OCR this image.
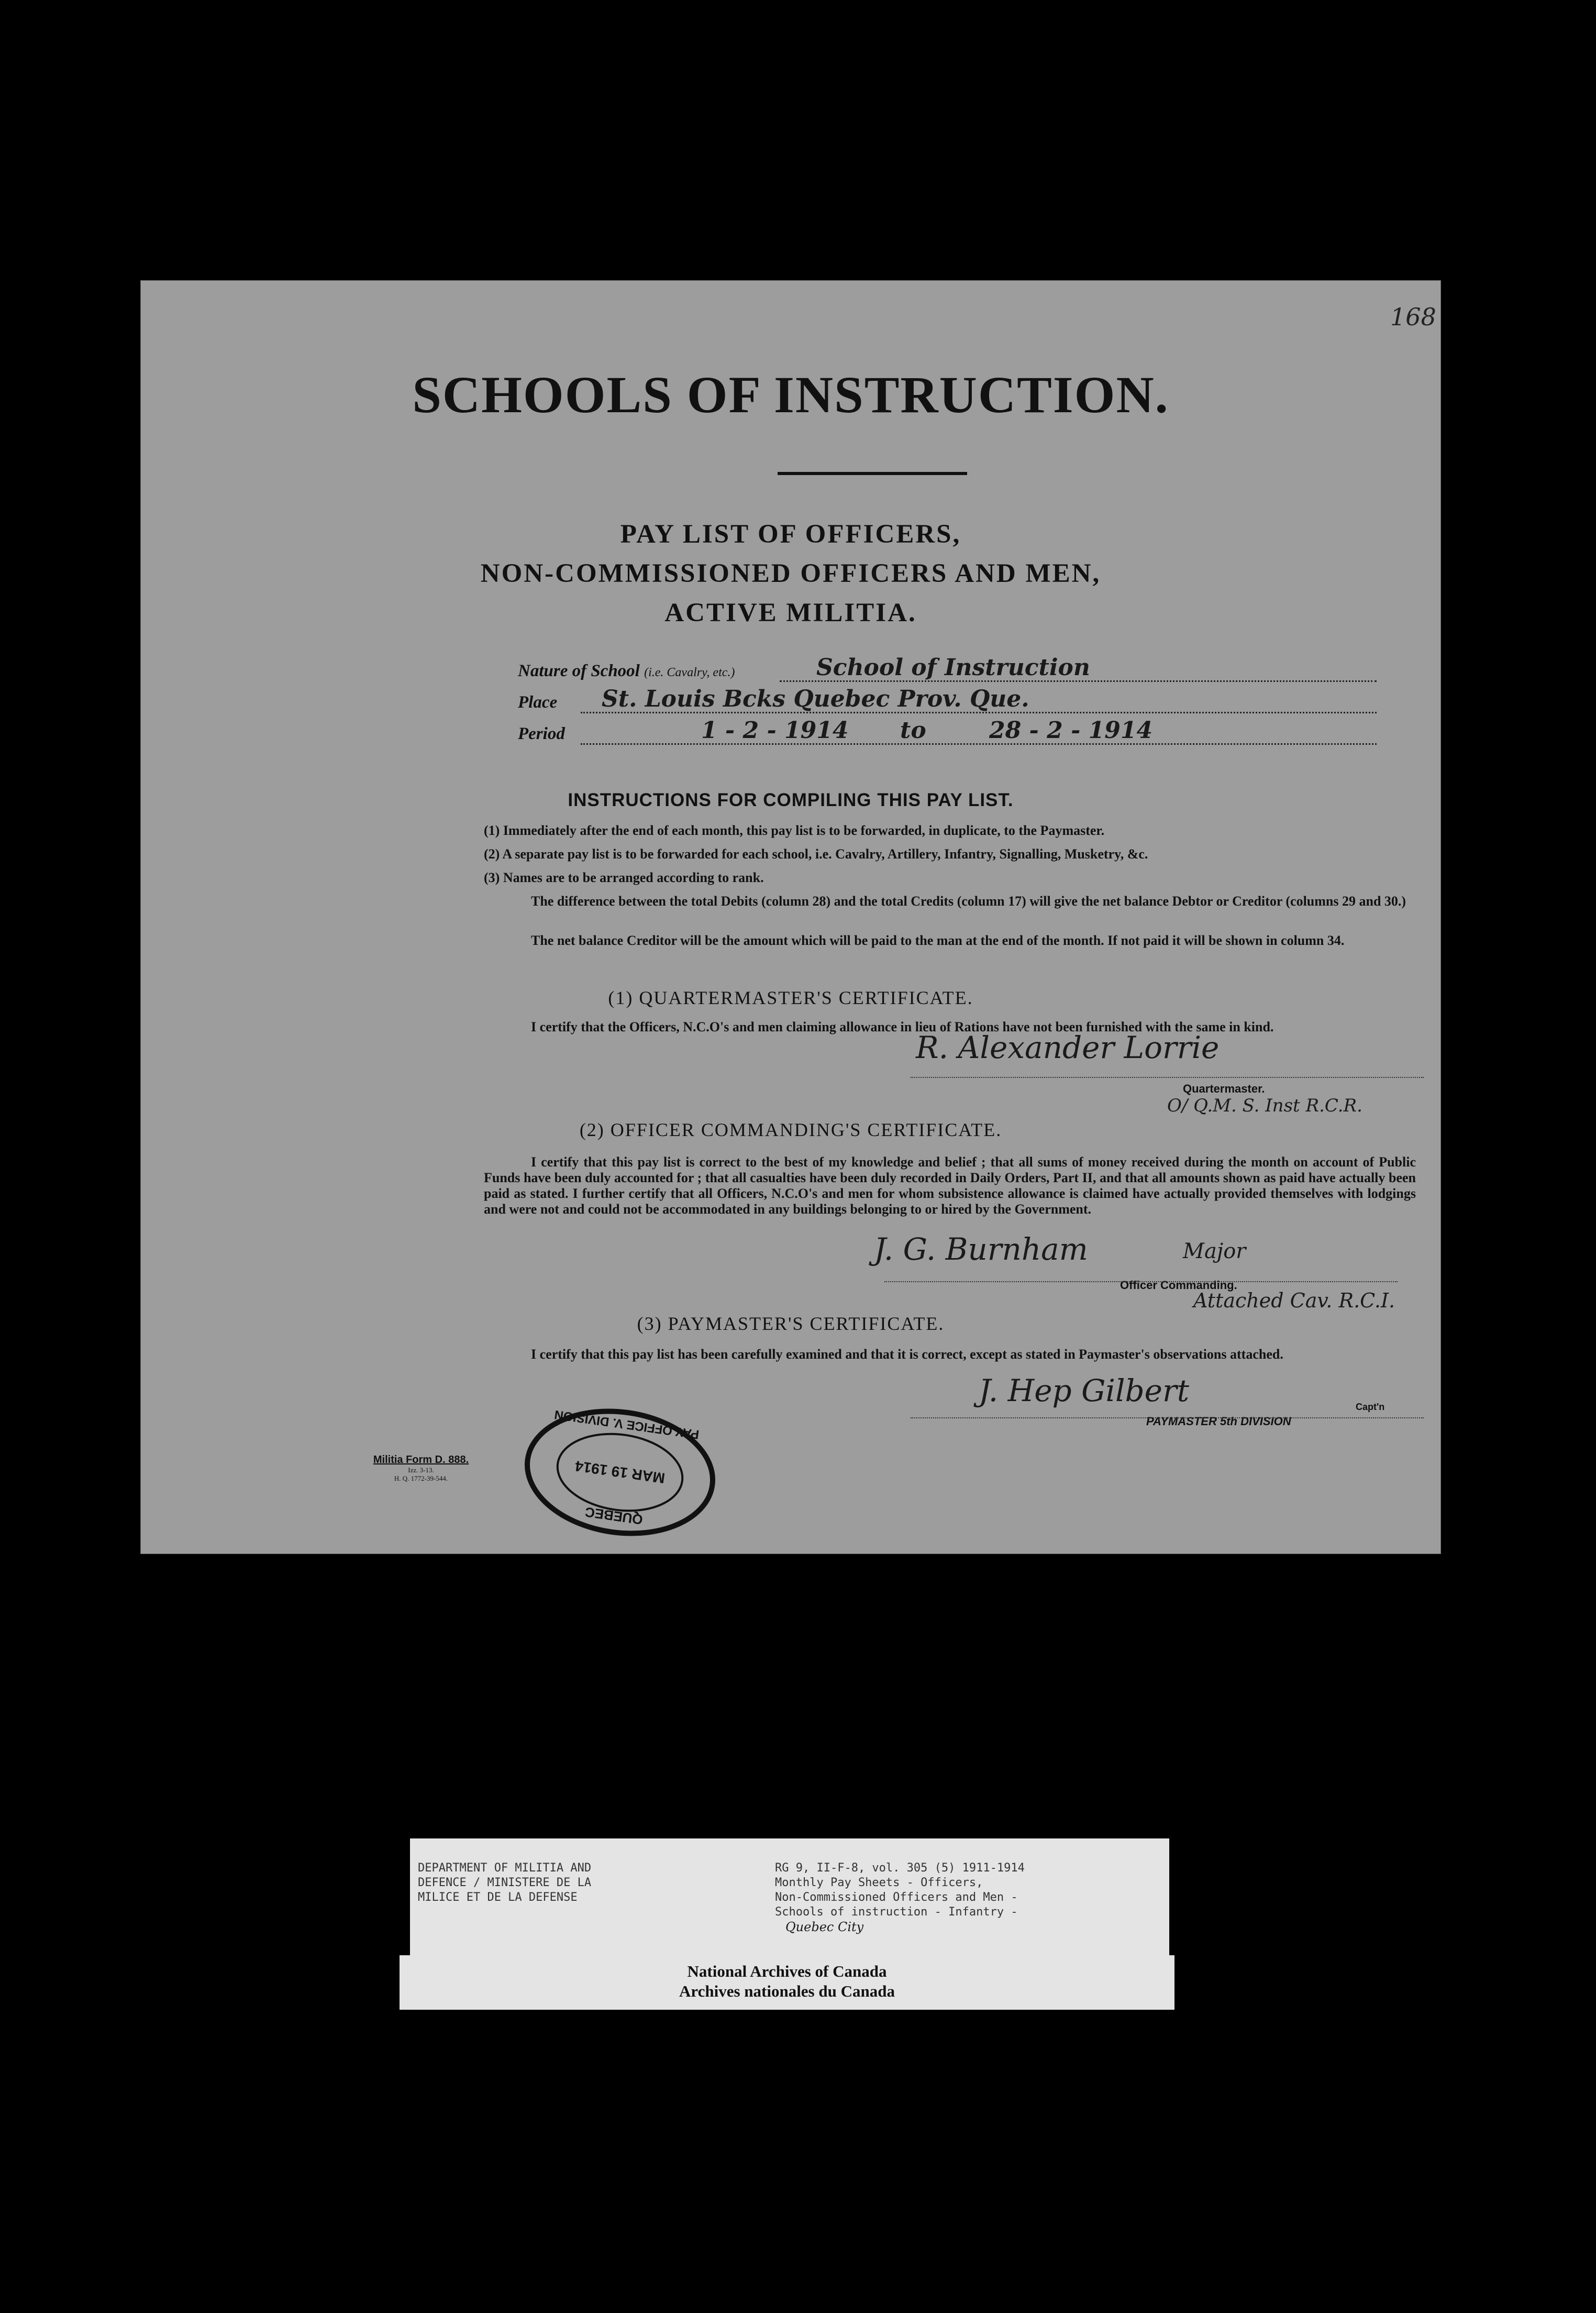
SCHOOLS OF INSTRUCTION.
PAY LIST OF OFFICERS,
NON-COMMISSIONED OFFICERS AND MEN,
ACTIVE MILITIA.
Nature of School (i.e. Cavalry, etc.)	School of Instruction
Place St. Louis Bcks Quebec Prov. Que.
Period	1 - 2 - 1914 to	28 - 2 - 1914
INSTRUCTIONS FOR COMPILING THIS PAY LIST.
(1) Immediately after the end of each month, this pay list is to be forwarded, in duplicate, to the Paymaster.
(2) A separate pay list is to be forwarded for each school, i.e. Cavalry, Artillery, Infantry, Signalling, Musketry, &c.
(3) Names are to be arranged according to rank.
The difference between the total Debits (column 28) and the total Credits (column 17) will give the net balance Debtor or Creditor (columns 29 and 30.)
The net balance Creditor will be the amount which will be paid to the man at the end of the month. If not paid it will be shown in column 34.
(1) QUARTERMASTER'S CERTIFICATE.
I certify that the Officers, N.C.O's and men claiming allowance in lieu of Rations have not been furnished with the same in kind.
R. Alexander Lorrie
Quartermaster.
O/ Q.M. S. Inst R.C.R.
(2) OFFICER COMMANDING'S CERTIFICATE.
I certify that this pay list is correct to the best of my knowledge and belief ; that all sums of money received during the month on account of Public Funds have been duly accounted for ; that all casualties have been duly recorded in Daily Orders, Part II, and that all amounts shown as paid have actually been paid as stated. I further certify that all Officers, N.C.O's and men for whom subsistence allowance is claimed have actually provided themselves with lodgings and were not and could not be accommodated in any buildings belonging to or hired by the Government.
J. G. Burnham	Major
Officer Commanding.
Attached Cav. R.C.I.
(3) PAYMASTER'S CERTIFICATE.
I certify that this pay list has been carefully examined and that it is correct, except as stated in Paymaster's observations attached.
J. Hep Gilbert	Capt'n
PAYMASTER 5th DIVISION
Militia Form D. 888.
Izz. 3-13.
H. Q. 1772-39-544.
QUEBEC
MAR 19 1914
PAY OFFICE V. DIVISION
168
DEPARTMENT OF MILITIA AND
DEFENCE / MINISTERE DE LA
MILICE ET DE LA DEFENSE
RG 9, II-F-8, vol. 305 (5) 1911-1914
Monthly Pay Sheets - Officers,
Non-Commissioned Officers and Men -
Schools of instruction - Infantry -
Quebec City
National Archives of Canada
Archives nationales du Canada
